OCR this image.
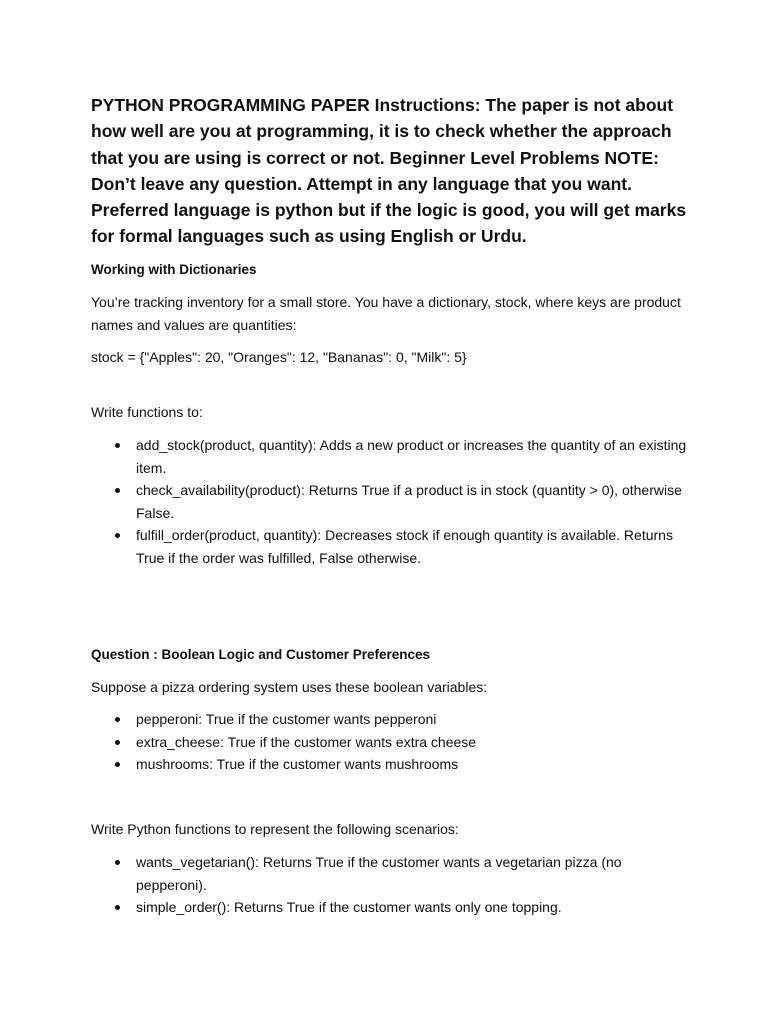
PYTHON PROGRAMMING PAPER Instructions: The paper is not about how well are you at programming, it is to check whether the approach that you are using is correct or not. Beginner Level Problems NOTE: Don’t leave any question. Attempt in any language that you want. Preferred language is python but if the logic is good, you will get marks for formal languages such as using English or Urdu.

Working with Dictionaries

You’re tracking inventory for a small store. You have a dictionary, stock, where keys are product names and values are quantities:

stock = {"Apples": 20, "Oranges": 12, "Bananas": 0, "Milk": 5}

Write functions to:

add_stock(product, quantity): Adds a new product or increases the quantity of an existing item.
check_availability(product): Returns True if a product is in stock (quantity > 0), otherwise False.
fulfill_order(product, quantity): Decreases stock if enough quantity is available. Returns True if the order was fulfilled, False otherwise.
Question : Boolean Logic and Customer Preferences

Suppose a pizza ordering system uses these boolean variables:

pepperoni: True if the customer wants pepperoni
extra_cheese: True if the customer wants extra cheese
mushrooms: True if the customer wants mushrooms

Write Python functions to represent the following scenarios:

wants_vegetarian(): Returns True if the customer wants a vegetarian pizza (no pepperoni).
simple_order(): Returns True if the customer wants only one topping.
